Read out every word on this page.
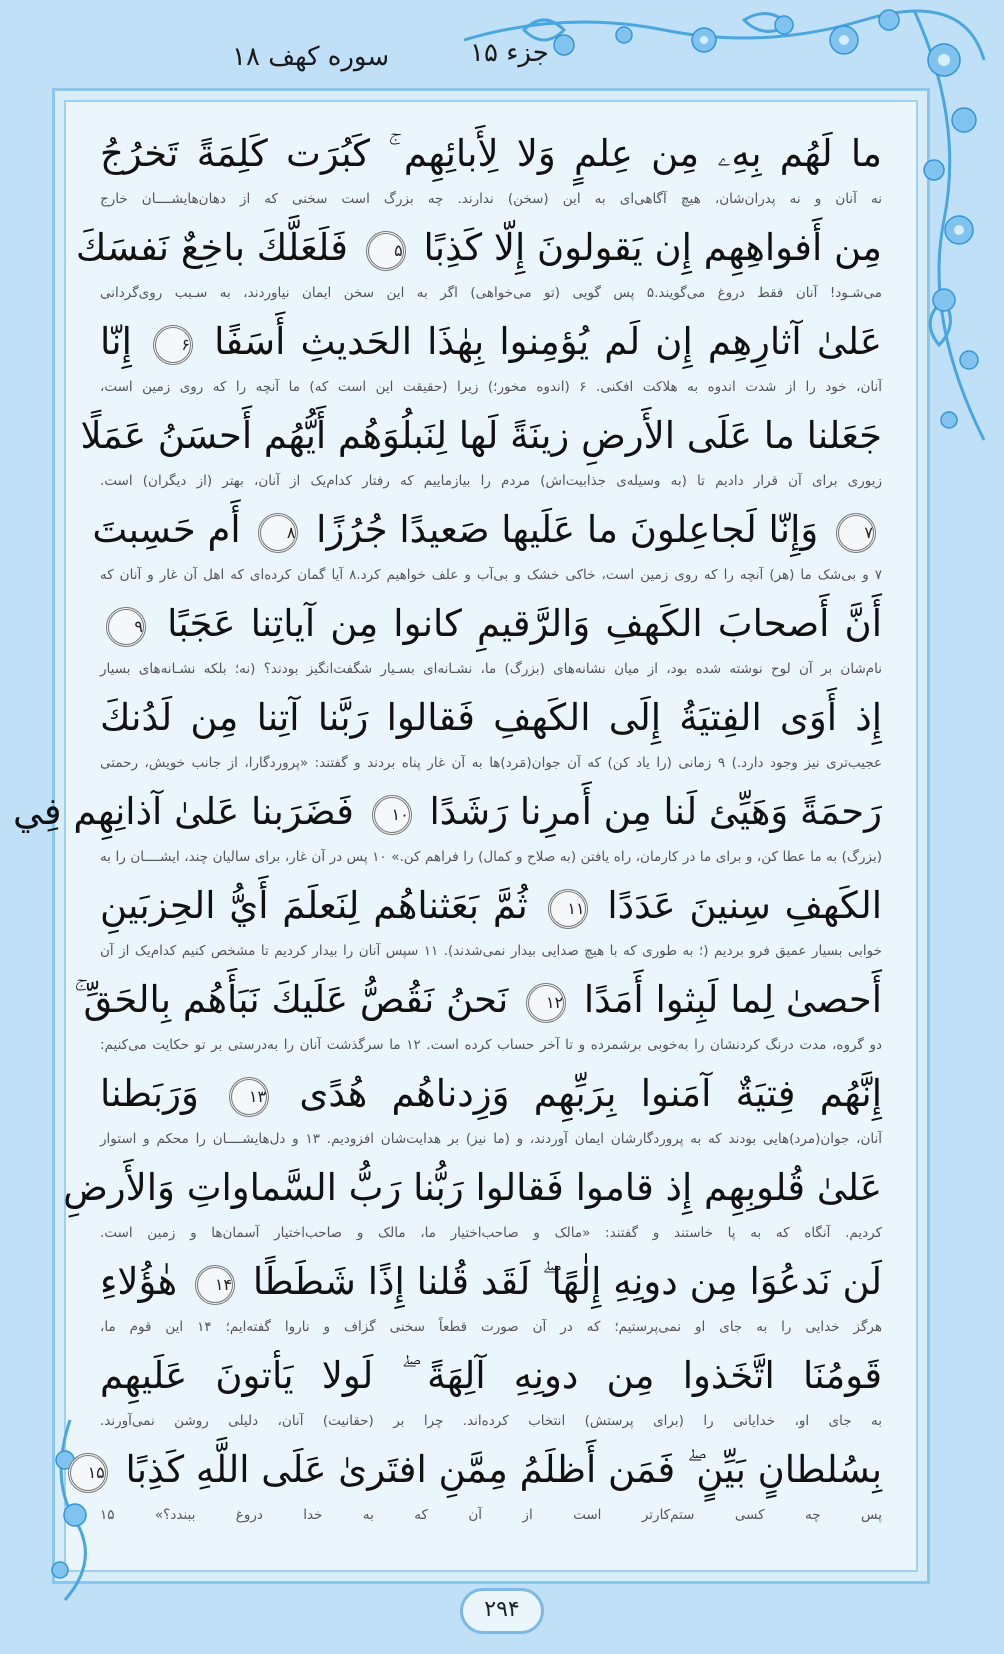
سوره کهف ۱۸	جزء ۱۵
ما لَهُم بِهِۦ مِن عِلمٍ وَلا لِأَبائِهِم ۚ كَبُرَت كَلِمَةً تَخرُجُ
نه آنان و نه پدران‌شان، هیچ آگاهی‌ای به این (سخن) ندارند. چه بزرگ است سخنی که از دهان‌هایشــــان خارج
مِن أَفواهِهِم إِن يَقولونَ إِلّا كَذِبًا ۵ فَلَعَلَّكَ باخِعٌ نَفسَكَ
می‌شـود! آنان فقط دروغ می‌گویند.۵ پس گویی (تو می‌خواهی) اگر به این سخن ایمان نیاوردند، به سـبب روی‌گردانی
عَلىٰ آثارِهِم إِن لَم يُؤمِنوا بِهٰذَا الحَديثِ أَسَفًا ۶ إِنّا
آنان، خود را از شدت اندوه به هلاکت افکنی. ۶ (اندوه مخور؛) زیرا (حقیقت این است که) ما آنچه را که روی زمین است،
جَعَلنا ما عَلَى الأَرضِ زينَةً لَها لِنَبلُوَهُم أَيُّهُم أَحسَنُ عَمَلًا
زیوری برای آن قرار دادیم تا (به وسیله‌ی جذابیت‌اش) مردم را بیازماییم که رفتار کدام‌یک از آنان، بهتر (از دیگران) است.
۷ وَإِنّا لَجاعِلونَ ما عَلَيها صَعيدًا جُرُزًا ۸ أَم حَسِبتَ
۷ و بی‌شک ما (هر) آنچه را که روی زمین است، خاکی خشک و بی‌آب و علف خواهیم کرد.۸ آیا گمان کرده‌ای که اهل آن غار و آنان که
أَنَّ أَصحابَ الكَهفِ وَالرَّقيمِ كانوا مِن آياتِنا عَجَبًا ۹
نام‌شان بر آن لوح نوشته شده بود، از میان نشانه‌های (بزرگ) ما، نشـانه‌ای بسـیار شگفت‌انگیز بودند؟ (نه؛ بلکه نشـانه‌های بسیار
إِذ أَوَى الفِتيَةُ إِلَى الكَهفِ فَقالوا رَبَّنا آتِنا مِن لَدُنكَ
عجیب‌تری نیز وجود دارد.) ۹ زمانی (را یاد کن) که آن جوان(مَرد)ها به آن غار پناه بردند و گفتند: «پروردگارا، از جانب خویش، رحمتی
رَحمَةً وَهَيِّئ لَنا مِن أَمرِنا رَشَدًا ۱۰ فَضَرَبنا عَلىٰ آذانِهِم فِي
(بزرگ) به ما عطا کن، و برای ما در کارمان، راه یافتن (به صلاح و کمال) را فراهم کن.» ۱۰ پس در آن غار، برای سالیان چند، ایشــــان را به
الكَهفِ سِنينَ عَدَدًا ۱۱ ثُمَّ بَعَثناهُم لِنَعلَمَ أَيُّ الحِزبَينِ
خوابی بسیار عمیق فرو بردیم (؛ به طوری که با هیچ صدایی بیدار نمی‌شدند). ۱۱ سپس آنان را بیدار کردیم تا مشخص کنیم کدام‌یک از آن
أَحصىٰ لِما لَبِثوا أَمَدًا ۱۲ نَحنُ نَقُصُّ عَلَيكَ نَبَأَهُم بِالحَقِّ ۚ
دو گروه، مدت درنگ کردنشان را به‌خوبی برشمرده و تا آخر حساب کرده است. ۱۲ ما سرگذشت آنان را به‌درستی بر تو حکایت می‌کنیم:
إِنَّهُم فِتيَةٌ آمَنوا بِرَبِّهِم وَزِدناهُم هُدًى ۱۳ وَرَبَطنا
آنان، جوان(مرد)هایی بودند که به پروردگارشان ایمان آوردند، و (ما نیز) بر هدایت‌شان افزودیم. ۱۳ و دل‌هایشــــان را محکم و استوار
عَلىٰ قُلوبِهِم إِذ قاموا فَقالوا رَبُّنا رَبُّ السَّماواتِ وَالأَرضِ
کردیم. آنگاه که به پا خاستند و گفتند: «مالک و صاحب‌اختیار ما، مالک و صاحب‌اختیار آسمان‌ها و زمین است.
لَن نَدعُوَا مِن دونِهِ إِلٰهًا ۖ لَقَد قُلنا إِذًا شَطَطًا ۱۴ هٰؤُلاءِ
هرگز خدایی را به جای او نمی‌پرستیم؛ که در آن صورت قطعاً سخنی گزاف و ناروا گفته‌ایم؛ ۱۴ این قوم ما،
قَومُنَا اتَّخَذوا مِن دونِهِ آلِهَةً ۖ لَولا يَأتونَ عَلَيهِم
به جای او، خدایانی را (برای پرستش) انتخاب کرده‌اند. چرا بر (حقانیت) آنان، دلیلی روشن نمی‌آورند.
بِسُلطانٍ بَيِّنٍ ۖ فَمَن أَظلَمُ مِمَّنِ افتَرىٰ عَلَى اللَّهِ كَذِبًا ۱۵
پس چه کسی ستم‌کارتر است از آن که به خدا دروغ ببندد؟» ۱۵
۲۹۴
